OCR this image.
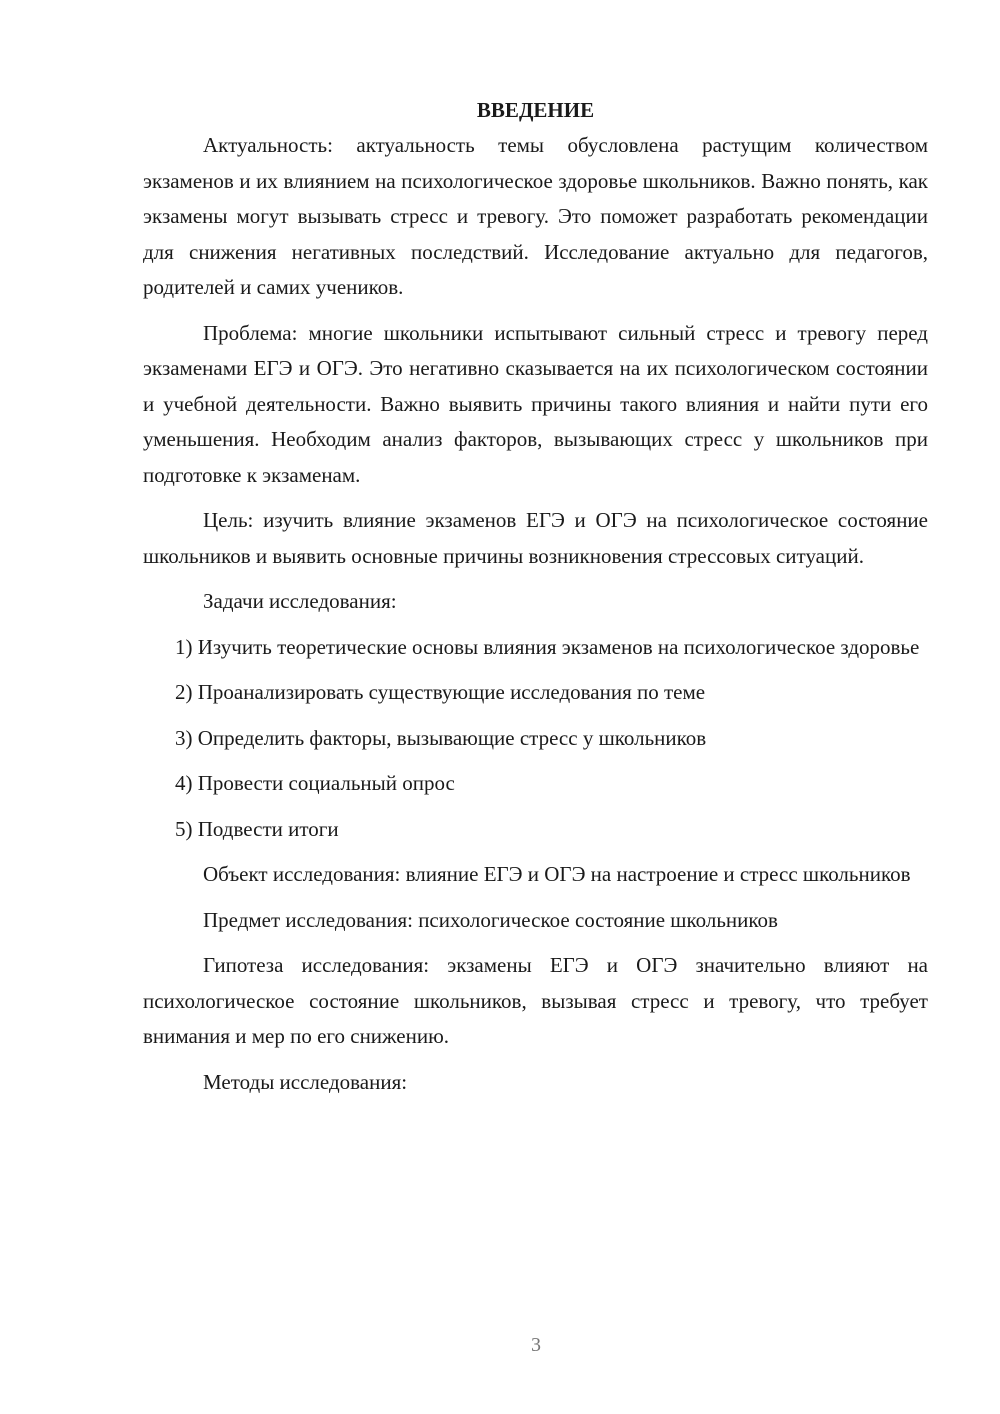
ВВЕДЕНИЕ

Актуальность: актуальность темы обусловлена растущим количеством экзаменов и их влиянием на психологическое здоровье школьников. Важно понять, как экзамены могут вызывать стресс и тревогу. Это поможет разработать рекомендации для снижения негативных последствий. Исследование актуально для педагогов, родителей и самих учеников.

Проблема: многие школьники испытывают сильный стресс и тревогу перед экзаменами ЕГЭ и ОГЭ. Это негативно сказывается на их психологическом состоянии и учебной деятельности. Важно выявить причины такого влияния и найти пути его уменьшения. Необходим анализ факторов, вызывающих стресс у школьников при подготовке к экзаменам.

Цель: изучить влияние экзаменов ЕГЭ и ОГЭ на психологическое состояние школьников и выявить основные причины возникновения стрессовых ситуаций.

Задачи исследования:

1) Изучить теоретические основы влияния экзаменов на психологическое здоровье

2) Проанализировать существующие исследования по теме

3) Определить факторы, вызывающие стресс у школьников

4) Провести социальный опрос

5) Подвести итоги

Объект исследования: влияние ЕГЭ и ОГЭ на настроение и стресс школьников

Предмет исследования: психологическое состояние школьников

Гипотеза исследования: экзамены ЕГЭ и ОГЭ значительно влияют на психологическое состояние школьников, вызывая стресс и тревогу, что требует внимания и мер по его снижению.

Методы исследования:

3
